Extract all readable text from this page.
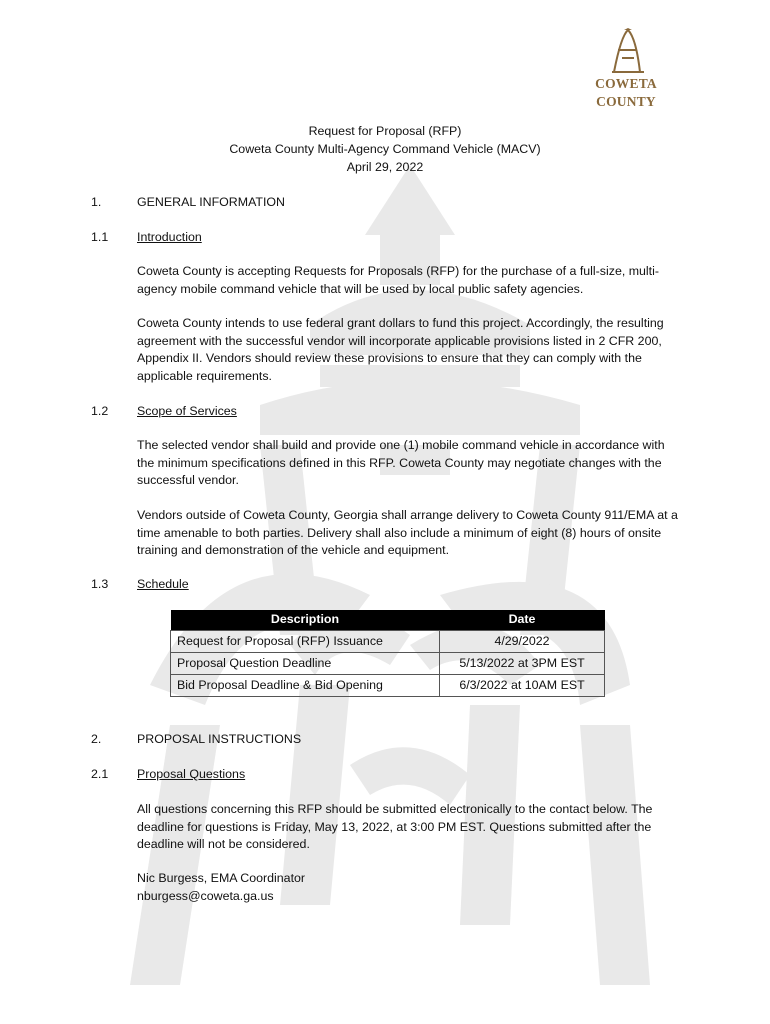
COWETA COUNTY
Request for Proposal (RFP)
Coweta County Multi-Agency Command Vehicle (MACV)
April 29, 2022
1.	GENERAL INFORMATION
1.1	Introduction
Coweta County is accepting Requests for Proposals (RFP) for the purchase of a full-size, multi-agency mobile command vehicle that will be used by local public safety agencies.
Coweta County intends to use federal grant dollars to fund this project. Accordingly, the resulting agreement with the successful vendor will incorporate applicable provisions listed in 2 CFR 200, Appendix II. Vendors should review these provisions to ensure that they can comply with the applicable requirements.
1.2	Scope of Services
The selected vendor shall build and provide one (1) mobile command vehicle in accordance with the minimum specifications defined in this RFP. Coweta County may negotiate changes with the successful vendor.
Vendors outside of Coweta County, Georgia shall arrange delivery to Coweta County 911/EMA at a time amenable to both parties. Delivery shall also include a minimum of eight (8) hours of onsite training and demonstration of the vehicle and equipment.
1.3	Schedule
Description	Date
Request for Proposal (RFP) Issuance	4/29/2022
Proposal Question Deadline	5/13/2022 at 3PM EST
Bid Proposal Deadline & Bid Opening	6/3/2022 at 10AM EST
2.	PROPOSAL INSTRUCTIONS
2.1	Proposal Questions
All questions concerning this RFP should be submitted electronically to the contact below. The deadline for questions is Friday, May 13, 2022, at 3:00 PM EST. Questions submitted after the deadline will not be considered.
Nic Burgess, EMA Coordinator
nburgess@coweta.ga.us
